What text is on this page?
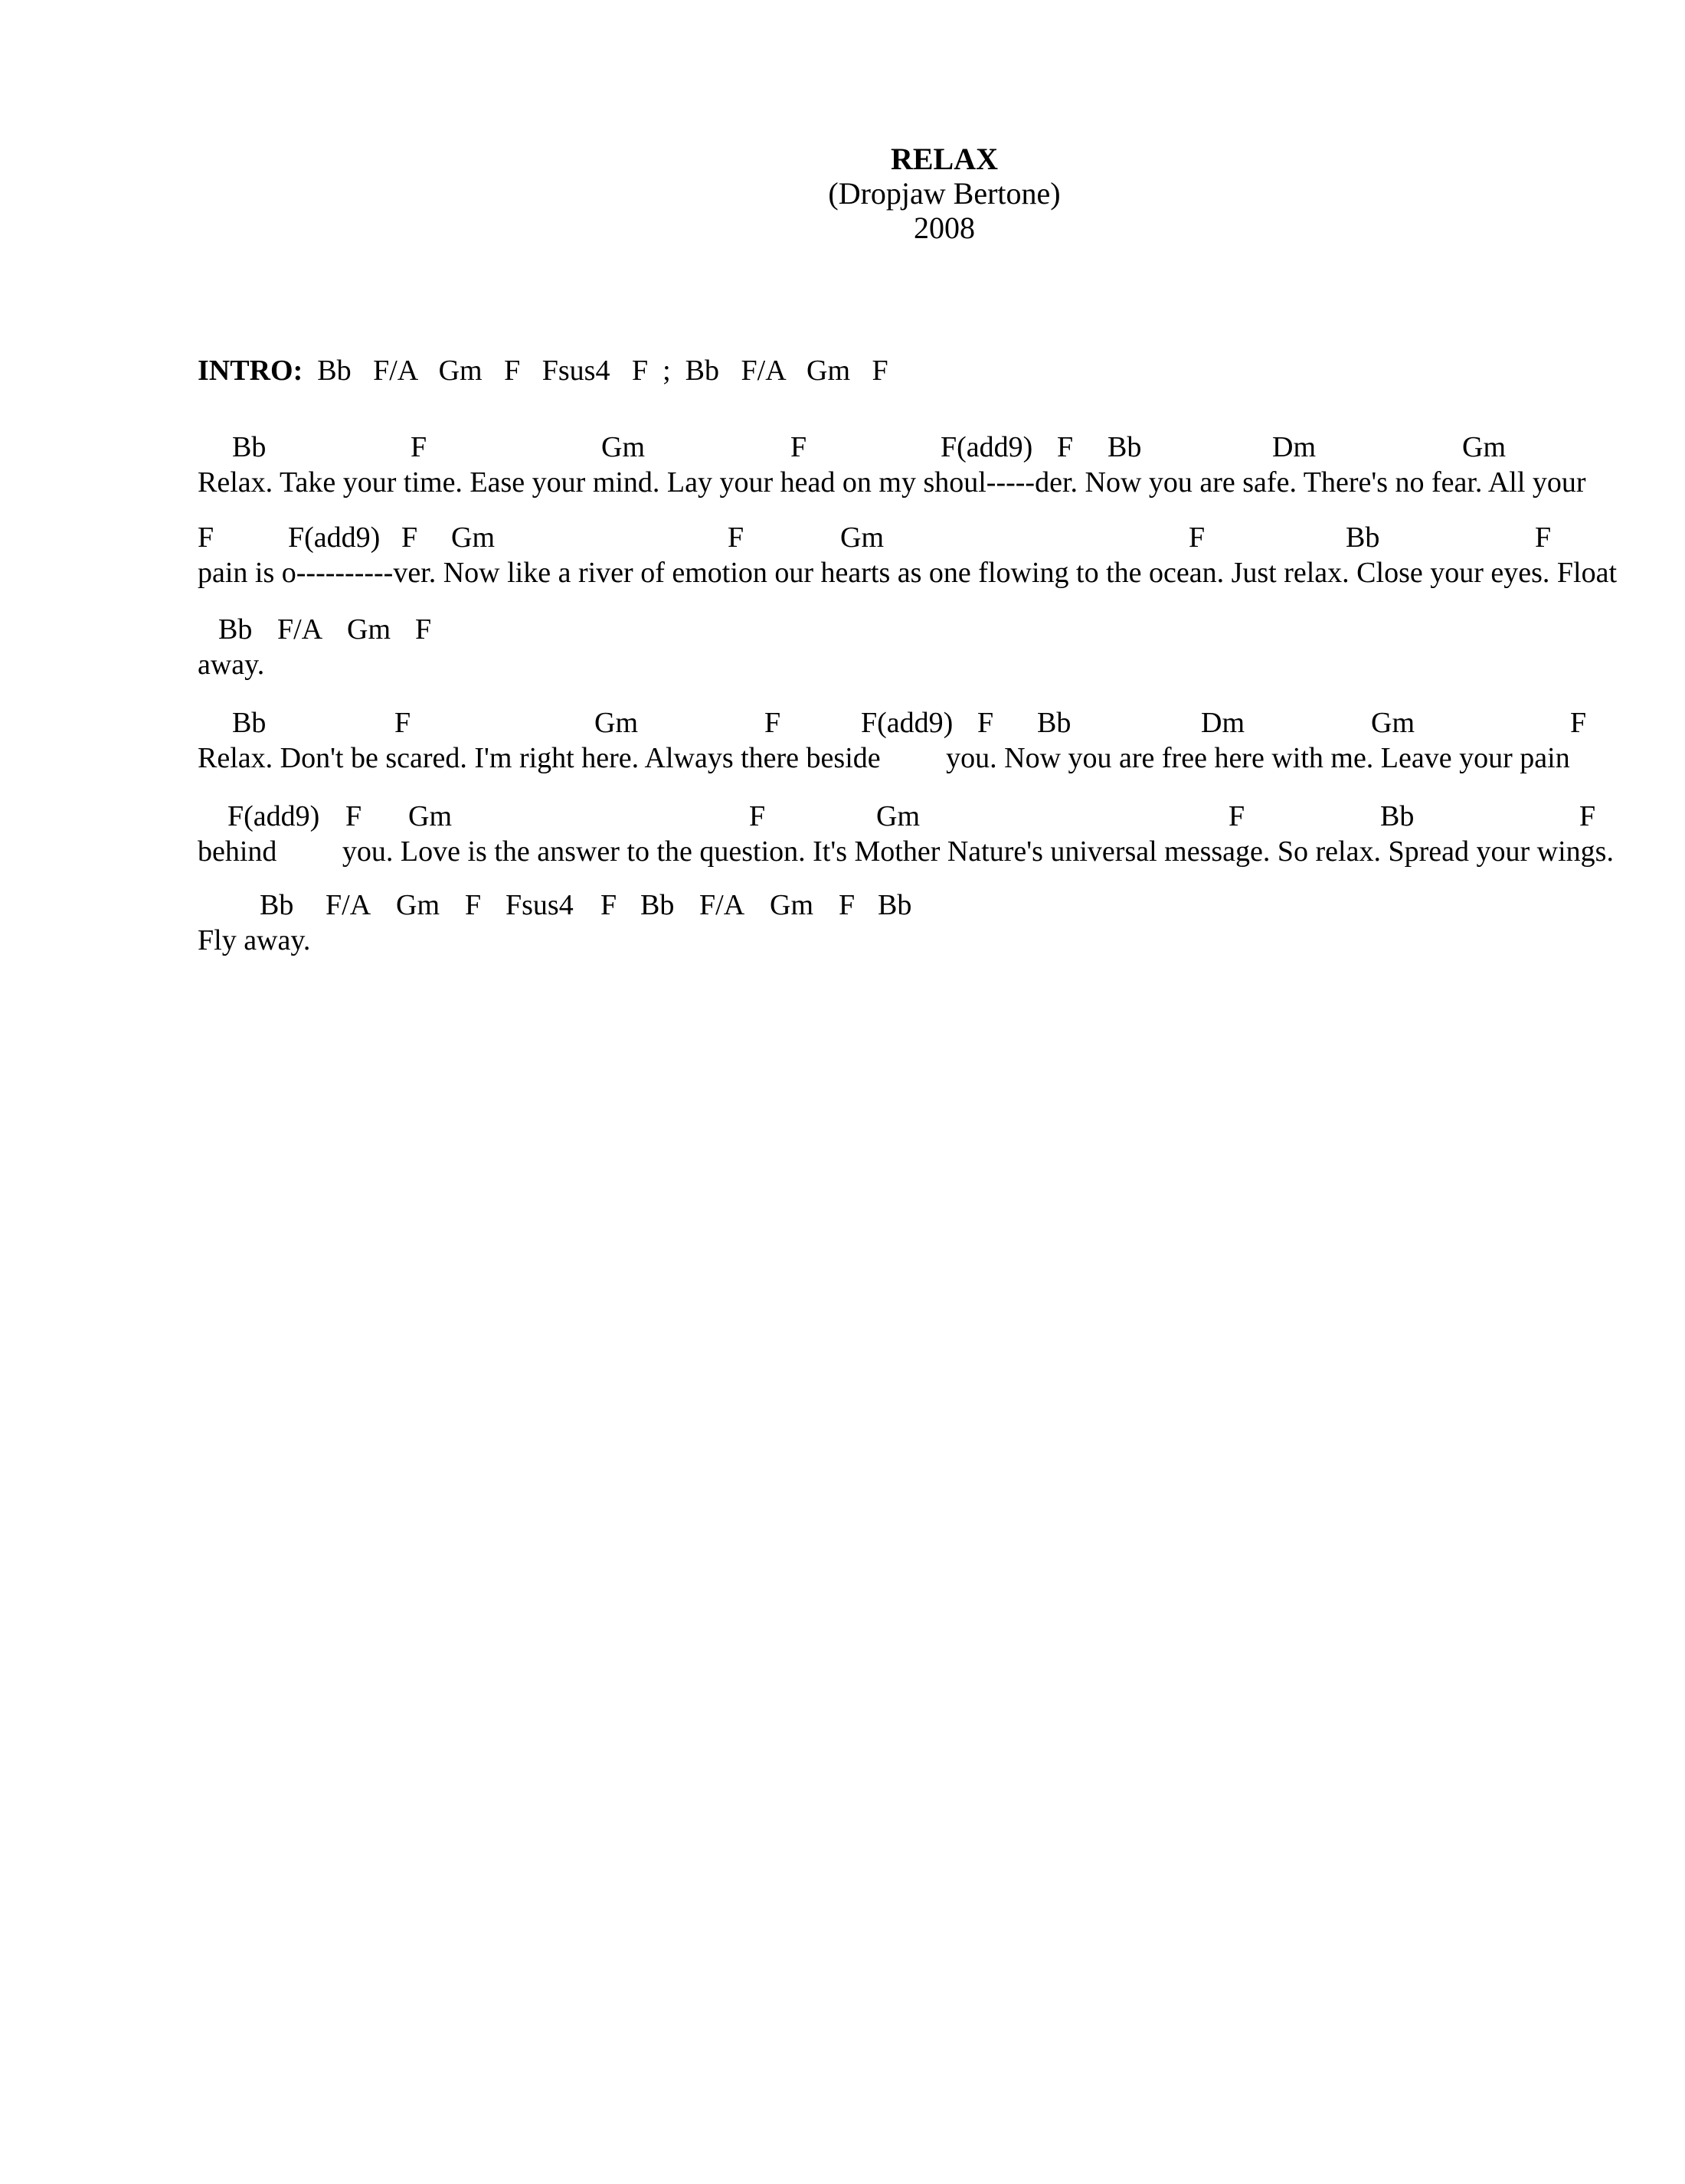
RELAX
(Dropjaw Bertone)
2008
INTRO:  Bb   F/A   Gm   F   Fsus4   F  ;  Bb   F/A   Gm   F
Bb	F	Gm	F	F(add9) F Bb	Dm	Gm
Relax. Take your time. Ease your mind. Lay your head on my shoul-----der. Now you are safe. There's no fear. All your
F	F(add9) F Gm	F	Gm	F	Bb	F
pain is o----------ver. Now like a river of emotion our hearts as one flowing to the ocean. Just relax. Close your eyes. Float
Bb F/A Gm F
away.
Bb	F	Gm	F	F(add9) F Bb	Dm	Gm	F
Relax. Don't be scared. I'm right here. Always there beside         you. Now you are free here with me. Leave your pain
F(add9) F Gm	F	Gm	F	Bb	F
behind         you. Love is the answer to the question. It's Mother Nature's universal message. So relax. Spread your wings.
Bb F/A Gm F Fsus4 F Bb F/A Gm F Bb
Fly away.
